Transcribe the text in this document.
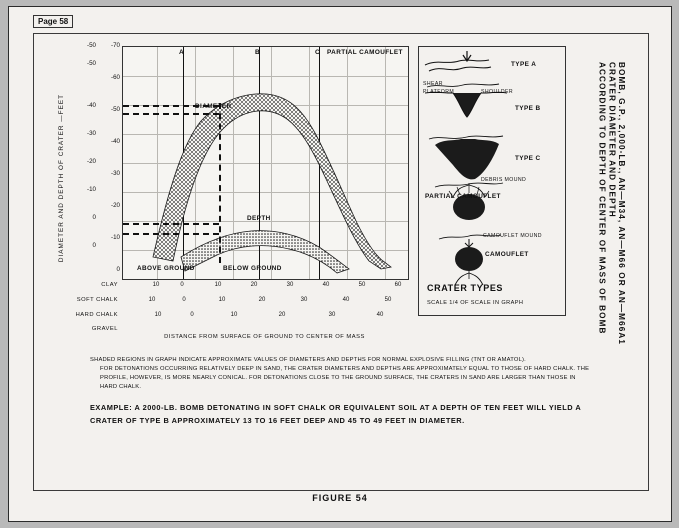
Page 58
DIAMETER AND DEPTH OF CRATER —FEET
-50 -70
-50
-60
-40
-50
-30
-40
-20
-30
-10
-20
0
-10
0
0
A	B	C PARTIAL CAMOUFLET
DIAMETER
DEPTH
ABOVE GROUND	BELOW GROUND
CLAY	10	0	10	20	30	40	50	60
SOFT CHALK	10	0	10	20	30	40	50
HARD CHALK	10	0	10	20	30	40
GRAVEL
DISTANCE FROM SURFACE OF GROUND TO CENTER OF MASS
TYPE A
SHEAR
PLATFORM	SHOULDER
TYPE B
TYPE C
DEBRIS MOUND
PARTIAL CAMOUFLET
CAMOUFLET MOUND
CAMOUFLET
CRATER TYPES
SCALE 1/4 OF SCALE IN GRAPH	ACCORDING TO DEPTH OF CENTER OF MASS OF BOMB CRATER DIAMETER AND DEPTH BOMB, G.P., 2,000-LB., AN—M34, AN—M66 OR AN—M66A1
SHADED REGIONS IN GRAPH INDICATE APPROXIMATE VALUES OF DIAMETERS AND DEPTHS FOR NORMAL EXPLOSIVE FILLING (TNT OR AMATOL).
FOR DETONATIONS OCCURRING RELATIVELY DEEP IN SAND, THE CRATER DIAMETERS AND DEPTHS ARE APPROXIMATELY EQUAL TO THOSE OF HARD CHALK. THE PROFILE, HOWEVER, IS MORE NEARLY CONICAL. FOR DETONATIONS CLOSE TO THE GROUND SURFACE, THE CRATERS IN SAND ARE LARGER THAN THOSE IN HARD CHALK.
EXAMPLE: A 2000-LB. BOMB DETONATING IN SOFT CHALK OR EQUIVALENT SOIL AT A DEPTH OF TEN FEET WILL YIELD A CRATER OF TYPE B APPROXIMATELY 13 TO 16 FEET DEEP AND 45 TO 49 FEET IN DIAMETER.
FIGURE 54
